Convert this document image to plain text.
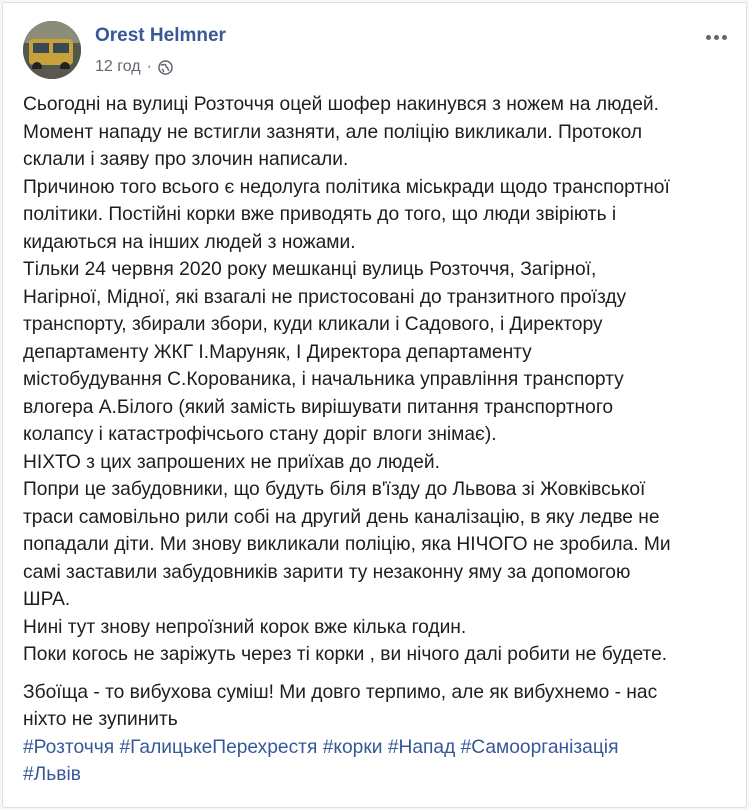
Orest Helmner
12 год ·
Сьогодні на вулиці Розточчя оцей шофер накинувся з ножем на людей.
Момент нападу не встигли зазняти, але поліцію викликали. Протокол
склали і заяву про злочин написали.
Причиною того всього є недолуга політика міськради щодо транспортної
політики. Постійні корки вже приводять до того, що люди звіріють і
кидаються на інших людей з ножами.
Тільки 24 червня 2020 року мешканці вулиць Розточчя, Загірної,
Нагірної, Мідної, які взагалі не пристосовані до транзитного проїзду
транспорту, збирали збори, куди кликали і Садового, і Директору
департаменту ЖКГ І.Маруняк, І Директора департаменту
містобудування С.Корованика, і начальника управління транспорту
влогера А.Білого (який замість вирішувати питання транспортного
колапсу і катастрофічсього стану доріг влоги знімає).
НІХТО з цих запрошених не приїхав до людей.
Попри це забудовники, що будуть біля в'їзду до Львова зі Жовківської
траси самовільно рили собі на другий день каналізацію, в яку ледве не
попадали діти. Ми знову викликали поліцію, яка НІЧОГО не зробила. Ми
самі заставили забудовників зарити ту незаконну яму за допомогою
ШРА.
Нині тут знову непроїзний корок вже кілька годин.
Поки когось не заріжуть через ті корки , ви нічого далі робити не будете.
Збоїща - то вибухова суміш! Ми довго терпимо, але як вибухнемо - нас
ніхто не зупинить
#Розточчя #ГалицькеПерехрестя #корки #Напад #Самоорганізація
#Львів
